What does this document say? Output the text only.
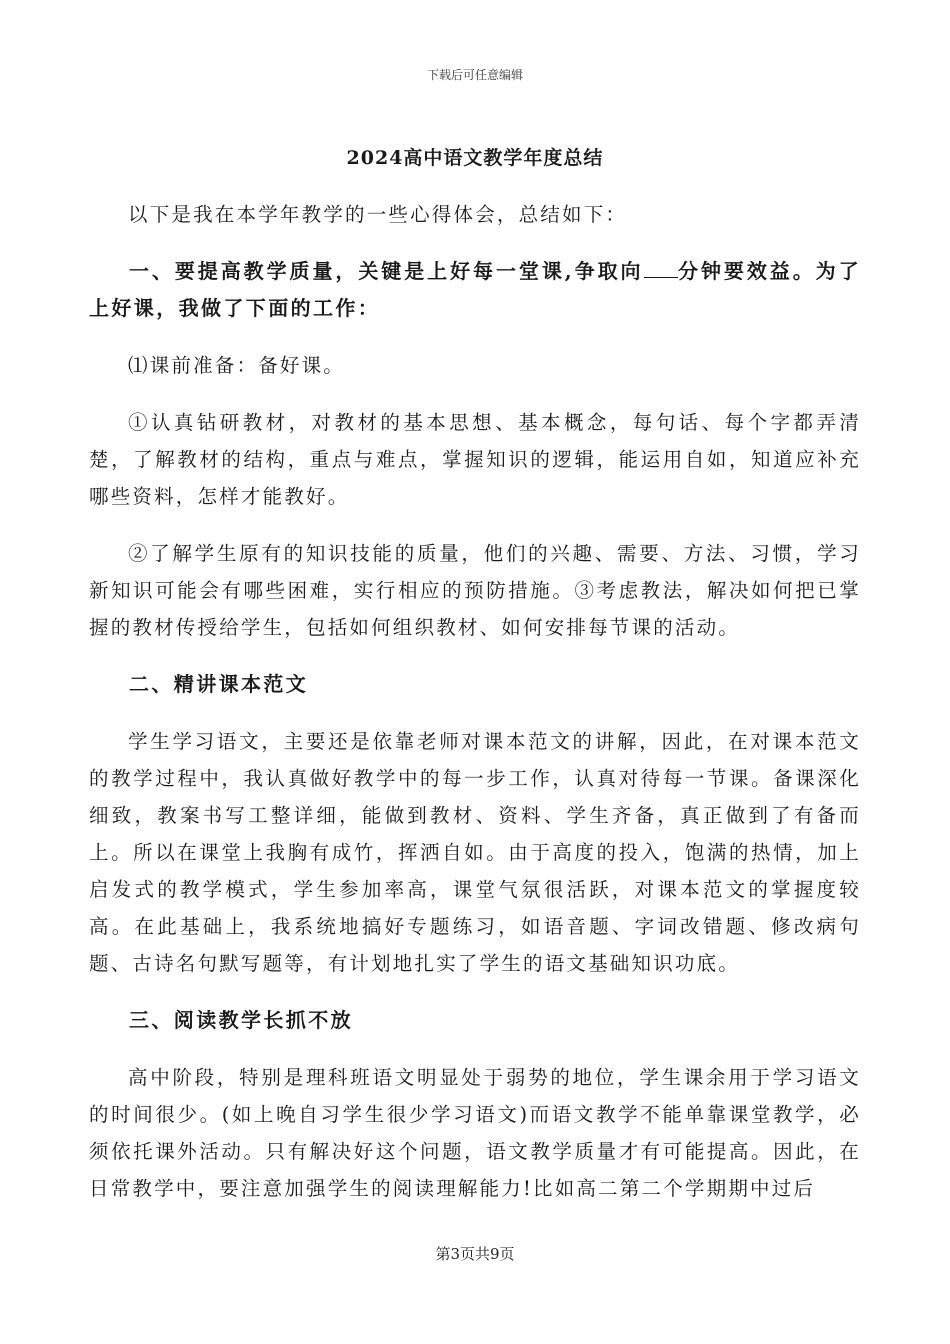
下载后可任意编辑
2024高中语文教学年度总结

以下是我在本学年教学的一些心得体会，总结如下：

一、要提高教学质量，关键是上好每一堂课,争取向 分钟要效益。为了上好课，我做了下面的工作：

⑴课前准备：备好课。

①认真钻研教材，对教材的基本思想、基本概念，每句话、每个字都弄清楚，了解教材的结构，重点与难点，掌握知识的逻辑，能运用自如，知道应补充哪些资料，怎样才能教好。

②了解学生原有的知识技能的质量，他们的兴趣、需要、方法、习惯，学习新知识可能会有哪些困难，实行相应的预防措施。③考虑教法，解决如何把已掌握的教材传授给学生，包括如何组织教材、如何安排每节课的活动。

二、精讲课本范文

学生学习语文，主要还是依靠老师对课本范文的讲解，因此，在对课本范文的教学过程中，我认真做好教学中的每一步工作，认真对待每一节课。备课深化细致，教案书写工整详细，能做到教材、资料、学生齐备，真正做到了有备而上。所以在课堂上我胸有成竹，挥洒自如。由于高度的投入，饱满的热情，加上启发式的教学模式，学生参加率高，课堂气氛很活跃，对课本范文的掌握度较高。在此基础上，我系统地搞好专题练习，如语音题、字词改错题、修改病句题、古诗名句默写题等，有计划地扎实了学生的语文基础知识功底。

三、阅读教学长抓不放

高中阶段，特别是理科班语文明显处于弱势的地位，学生课余用于学习语文的时间很少。(如上晚自习学生很少学习语文)而语文教学不能单靠课堂教学，必须依托课外活动。只有解决好这个问题，语文教学质量才有可能提高。因此，在日常教学中，要注意加强学生的阅读理解能力!比如高二第二个学期期中过后

第3页共9页
